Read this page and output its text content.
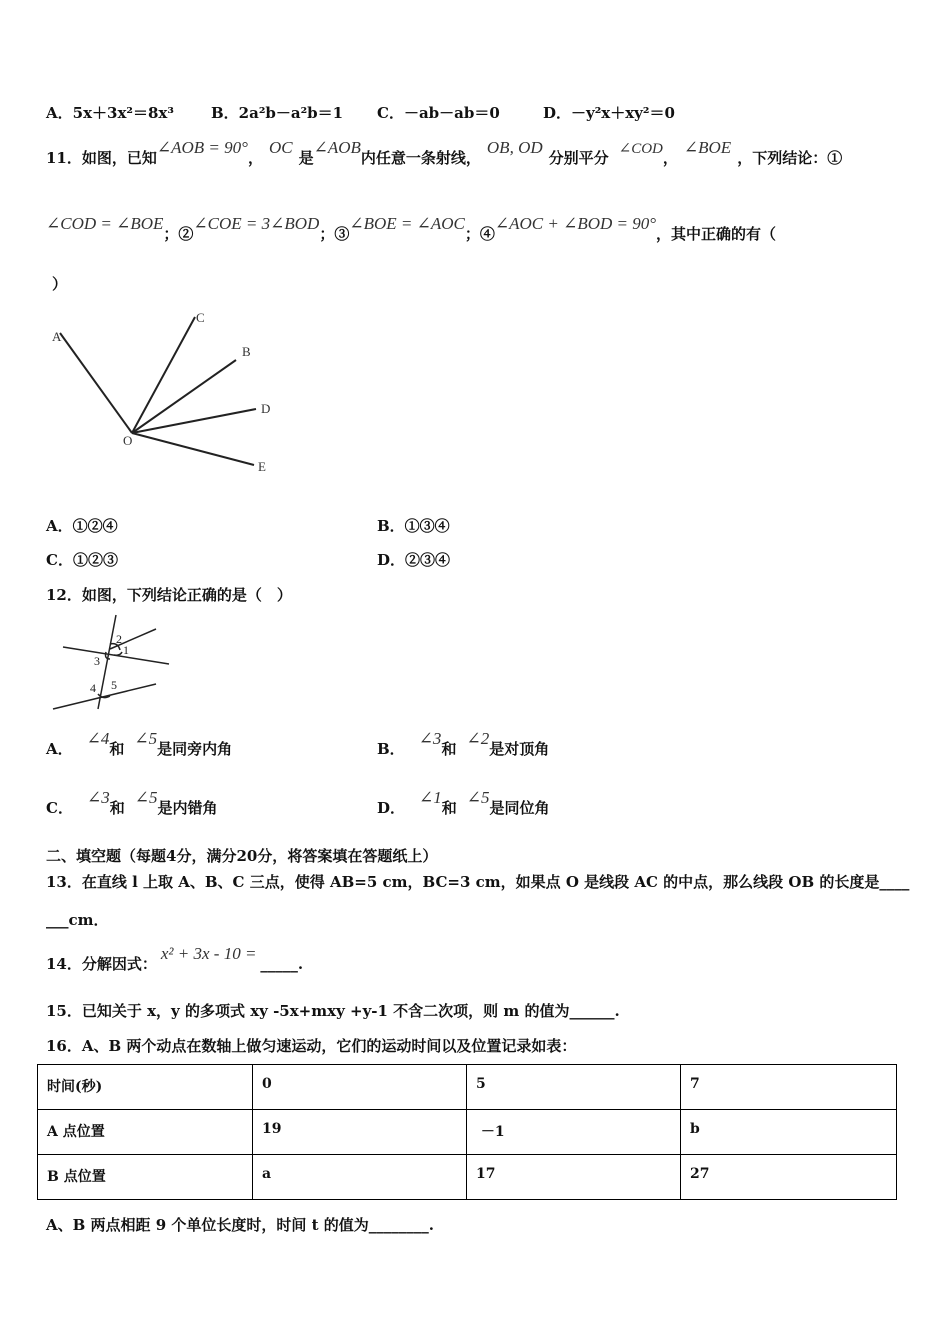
A．5x＋3x²＝8x³ B．2a²b－a²b＝1 C．－ab－ab＝0	D．－y²x＋xy²＝0
11．如图，已知∠AOB = 90°，OC是∠AOB内任意一条射线，OB, OD分别平分 ∠COD，∠BOE，下列结论：①
∠COD = ∠BOE；②∠COE = 3∠BOD；③∠BOE = ∠AOC；④∠AOC + ∠BOD = 90°，其中正确的有（
）
A
C
B
D
E
O
A．①②④	B．①③④
C．①②③	D．②③④
12．如图，下列结论正确的是（　）
2
1
3
4 5
A．∠4和∠5是同旁内角	B．∠3和∠2是对顶角
C．∠3和∠5是内错角	D．∠1和∠5是同位角
二、填空题（每题4分，满分20分，将答案填在答题纸上）
13．在直线 l 上取 A、B、C 三点，使得 AB=5 cm，BC=3 cm，如果点 O 是线段 AC 的中点，那么线段 OB 的长度是____
___cm．
14．分解因式：x² + 3x - 10 =_____.
15．已知关于 x，y 的多项式 xy -5x+mxy +y-1 不含二次项，则 m 的值为______.
16．A、B 两个动点在数轴上做匀速运动，它们的运动时间以及位置记录如表：
时间(秒)	0	5	7
A 点位置	19	－1	b
B 点位置	a	17	27
A、B 两点相距 9 个单位长度时，时间 t 的值为________.
